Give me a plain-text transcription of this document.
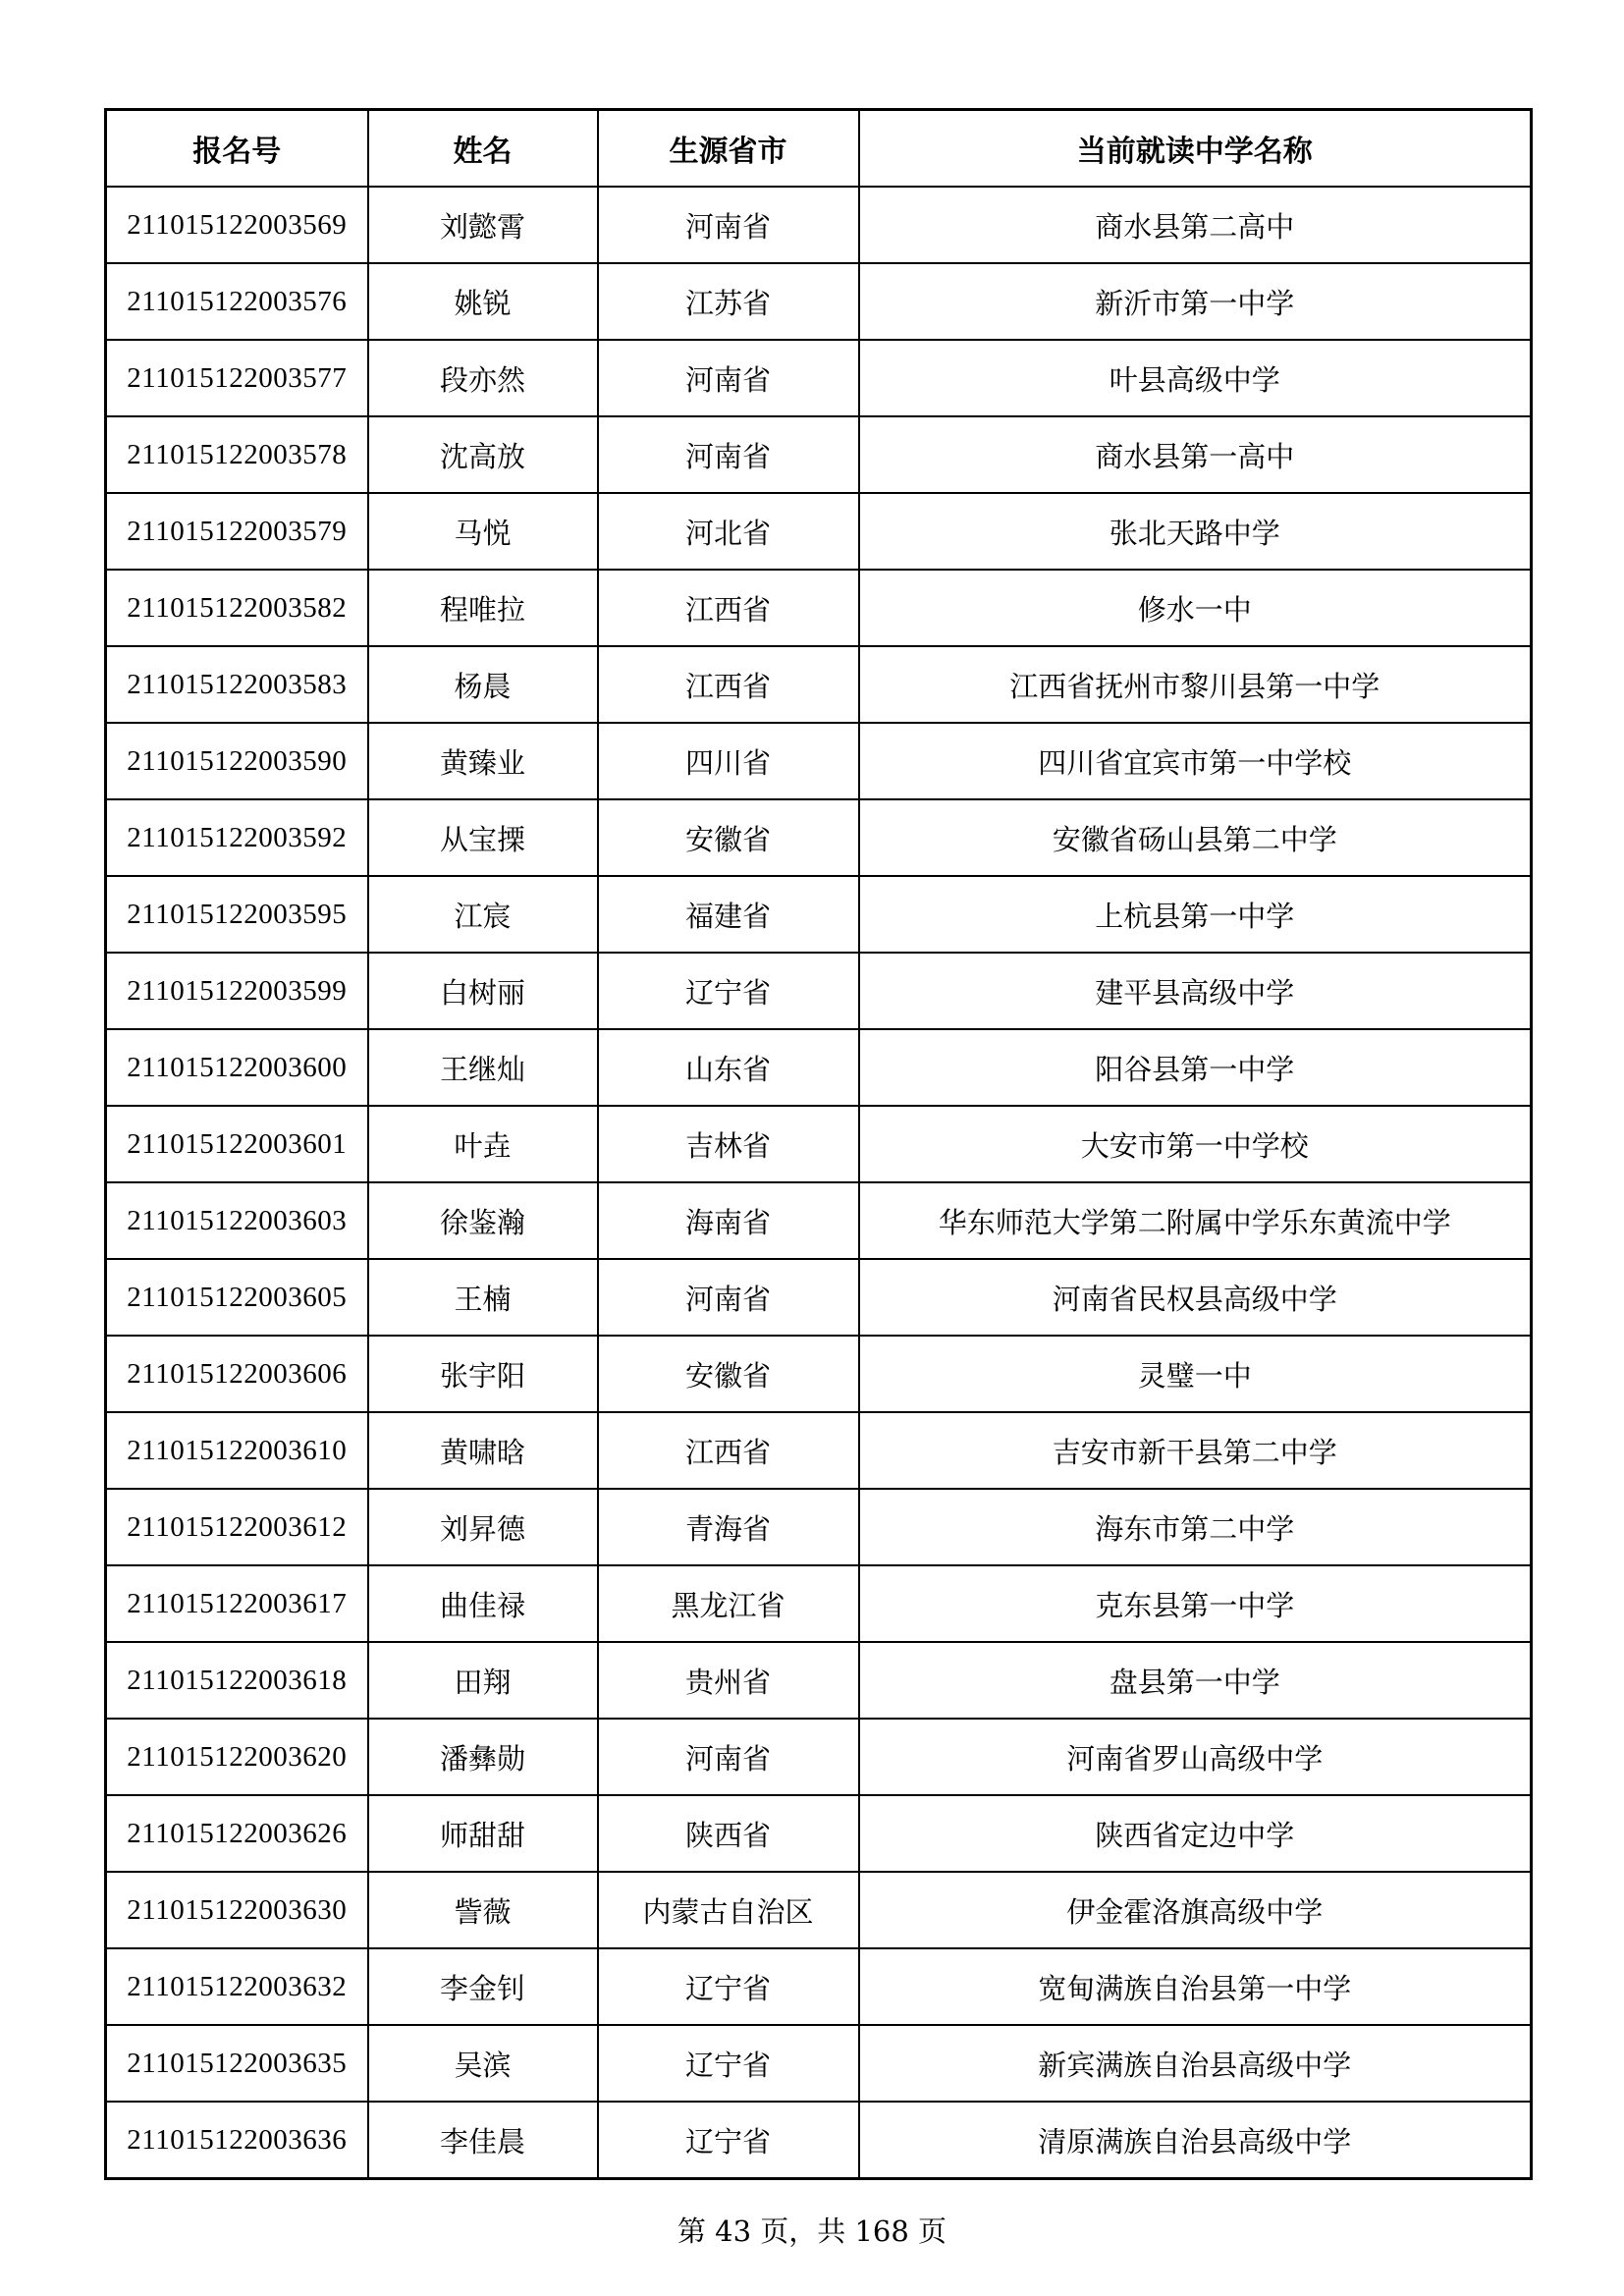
报名号	姓名	生源省市	当前就读中学名称
211015122003569	刘懿霄	河南省	商水县第二高中
211015122003576	姚锐	江苏省	新沂市第一中学
211015122003577	段亦然	河南省	叶县高级中学
211015122003578	沈高放	河南省	商水县第一高中
211015122003579	马悦	河北省	张北天路中学
211015122003582	程唯拉	江西省	修水一中
211015122003583	杨晨	江西省	江西省抚州市黎川县第一中学
211015122003590	黄臻业	四川省	四川省宜宾市第一中学校
211015122003592	从宝搮	安徽省	安徽省砀山县第二中学
211015122003595	江宸	福建省	上杭县第一中学
211015122003599	白树丽	辽宁省	建平县高级中学
211015122003600	王继灿	山东省	阳谷县第一中学
211015122003601	叶垚	吉林省	大安市第一中学校
211015122003603	徐鉴瀚	海南省	华东师范大学第二附属中学乐东黄流中学
211015122003605	王楠	河南省	河南省民权县高级中学
211015122003606	张宇阳	安徽省	灵璧一中
211015122003610	黄啸晗	江西省	吉安市新干县第二中学
211015122003612	刘昇德	青海省	海东市第二中学
211015122003617	曲佳禄	黑龙江省	克东县第一中学
211015122003618	田翔	贵州省	盘县第一中学
211015122003620	潘彝勋	河南省	河南省罗山高级中学
211015122003626	师甜甜	陕西省	陕西省定边中学
211015122003630	訾薇	内蒙古自治区	伊金霍洛旗高级中学
211015122003632	李金钊	辽宁省	宽甸满族自治县第一中学
211015122003635	吴滨	辽宁省	新宾满族自治县高级中学
211015122003636	李佳晨	辽宁省	清原满族自治县高级中学
第 43 页，共 168 页
